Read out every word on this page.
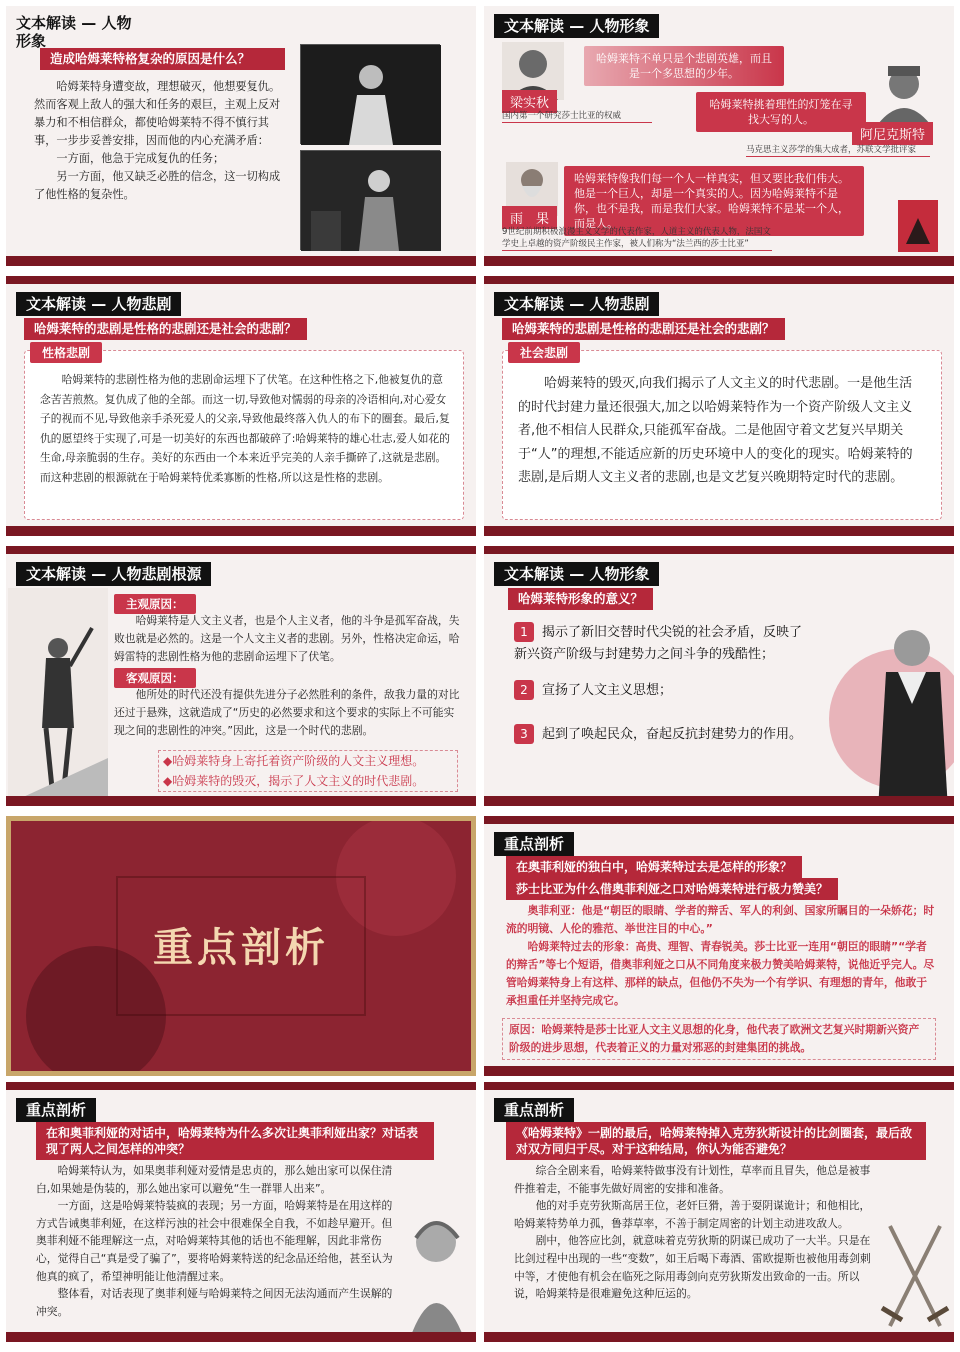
文本解读 — 人物形象
造成哈姆莱特格复杂的原因是什么？

哈姆莱特身遭变故，理想破灭，他想要复仇。然而客观上敌人的强大和任务的艰巨，主观上反对暴力和不相信群众，都使哈姆莱特不得不慎行其事，一步步妥善安排，因而他的内心充满矛盾：

一方面，他急于完成复仇的任务；

另一方面，他又缺乏必胜的信念，这一切构成了他性格的复杂性。

文本解读 — 人物形象
哈姆莱特不单只是个悲剧英雄，而且是一个多思想的少年。
梁实秋
国内第一个研究莎士比亚的权威
哈姆莱特挑着理性的灯笼在寻找大写的人。
阿尼克斯特
马克思主义莎学的集大成者，苏联文学批评家
哈姆莱特像我们每一个人一样真实，但又要比我们伟大。他是一个巨人，却是一个真实的人。因为哈姆莱特不是你，也不是我，而是我们大家。哈姆莱特不是某一个人，而是人。
雨　果
9世纪前期积极浪漫主义文学的代表作家，人道主义的代表人物，法国文学史上卓越的资产阶级民主作家，被人们称为“法兰西的莎士比亚”
文本解读 — 人物悲剧
哈姆莱特的悲剧是性格的悲剧还是社会的悲剧？
性格悲剧

哈姆莱特的悲剧性格为他的悲剧命运埋下了伏笔。在这种性格之下,他被复仇的意念苦苦煎熬。复仇成了他的全部。而这一切,导致他对懦弱的母亲的冷语相向,对心爱女子的视而不见,导致他亲手杀死爱人的父亲,导致他最终落入仇人的布下的圈套。最后,复仇的愿望终于实现了,可是一切美好的东西也都破碎了:哈姆莱特的雄心壮志,爱人如花的生命,母亲脆弱的生存。美好的东西由一个本来近乎完美的人亲手撕碎了,这就是悲剧。而这种悲剧的根源就在于哈姆莱特优柔寡断的性格,所以这是性格的悲剧。

文本解读 — 人物悲剧
哈姆莱特的悲剧是性格的悲剧还是社会的悲剧？
社会悲剧

哈姆莱特的毁灭,向我们揭示了人文主义的时代悲剧。一是他生活的时代封建力量还很强大,加之以哈姆莱特作为一个资产阶级人文主义者,他不相信人民群众,只能孤军奋战。二是他固守着文艺复兴早期关于“人”的理想,不能适应新的历史环境中人的变化的现实。哈姆莱特的悲剧,是后期人文主义者的悲剧,也是文艺复兴晚期特定时代的悲剧。

文本解读 — 人物悲剧根源
主观原因：

哈姆莱特是人文主义者，也是个人主义者，他的斗争是孤军奋战，失败也就是必然的。这是一个人文主义者的悲剧。另外，性格决定命运，哈姆雷特的悲剧性格为他的悲剧命运埋下了伏笔。

客观原因：

他所处的时代还没有提供先进分子必然胜利的条件，敌我力量的对比还过于悬殊，这就造成了“历史的必然要求和这个要求的实际上不可能实现之间的悲剧性的冲突。”因此，这是一个时代的悲剧。

◆哈姆莱特身上寄托着资产阶级的人文主义理想。
◆哈姆莱特的毁灭，揭示了人文主义的时代悲剧。
文本解读 — 人物形象
哈姆莱特形象的意义？
1 揭示了新旧交替时代尖锐的社会矛盾，反映了新兴资产阶级与封建势力之间斗争的残酷性；
2 宣扬了人文主义思想；
3 起到了唤起民众，奋起反抗封建势力的作用。
重点剖析
重点剖析
在奥菲利娅的独白中，哈姆莱特过去是怎样的形象？
莎士比亚为什么借奥菲利娅之口对哈姆莱特进行极力赞美？

奥菲利亚：他是“朝臣的眼睛、学者的辩舌、军人的利剑、国家所瞩目的一朵娇花；时流的明镜、人伦的雅范、举世注目的中心。”

哈姆莱特过去的形象：高贵、理智、青春锐美。莎士比亚一连用“朝臣的眼睛”“学者的辩舌”等七个短语，借奥菲利娅之口从不同角度来极力赞美哈姆莱特，说他近乎完人。尽管哈姆莱特身上有这样、那样的缺点，但他仍不失为一个有学识、有理想的青年，他敢于承担重任并坚持完成它。

原因：哈姆莱特是莎士比亚人文主义思想的化身，他代表了欧洲文艺复兴时期新兴资产阶级的进步思想，代表着正义的力量对邪恶的封建集团的挑战。
重点剖析
在和奥菲利娅的对话中，哈姆莱特为什么多次让奥菲利娅出家？对话表现了两人之间怎样的冲突？

哈姆莱特认为，如果奥菲利娅对爱情是忠贞的，那么她出家可以保住清白,如果她是伪装的，那么她出家可以避免“生一群罪人出来”。

一方面，这是哈姆莱特装疯的表现；另一方面，哈姆莱特是在用这样的方式告诫奥菲利娅，在这样污浊的社会中很难保全自我，不如趁早避开。但奥菲利娅不能理解这一点，对哈姆莱特其他的话也不能理解，因此非常伤心，觉得自己“真是受了骗了”，要将哈姆莱特送的纪念品还给他，甚至认为他真的疯了，希望神明能让他清醒过来。

整体看，对话表现了奥菲利娅与哈姆莱特之间因无法沟通而产生误解的冲突。

重点剖析
《哈姆莱特》一剧的最后，哈姆莱特掉入克劳狄斯设计的比剑圈套，最后敌对双方同归于尽。对于这种结局，你认为能否避免？

综合全剧来看，哈姆莱特做事没有计划性，草率而且冒失，他总是被事件推着走，不能事先做好周密的安排和准备。

他的对手克劳狄斯高居王位，老奸巨猾，善于耍阴谋诡计；和他相比，哈姆莱特势单力孤，鲁莽草率，不善于制定周密的计划主动进攻敌人。

剧中，他答应比剑，就意味着克劳狄斯的阴谋已成功了一大半。只是在比剑过程中出现的一些“变数”，如王后喝下毒酒、雷欧提斯也被他用毒剑刺中等，才使他有机会在临死之际用毒剑向克劳狄斯发出致命的一击。所以说，哈姆莱特是很难避免这种厄运的。
